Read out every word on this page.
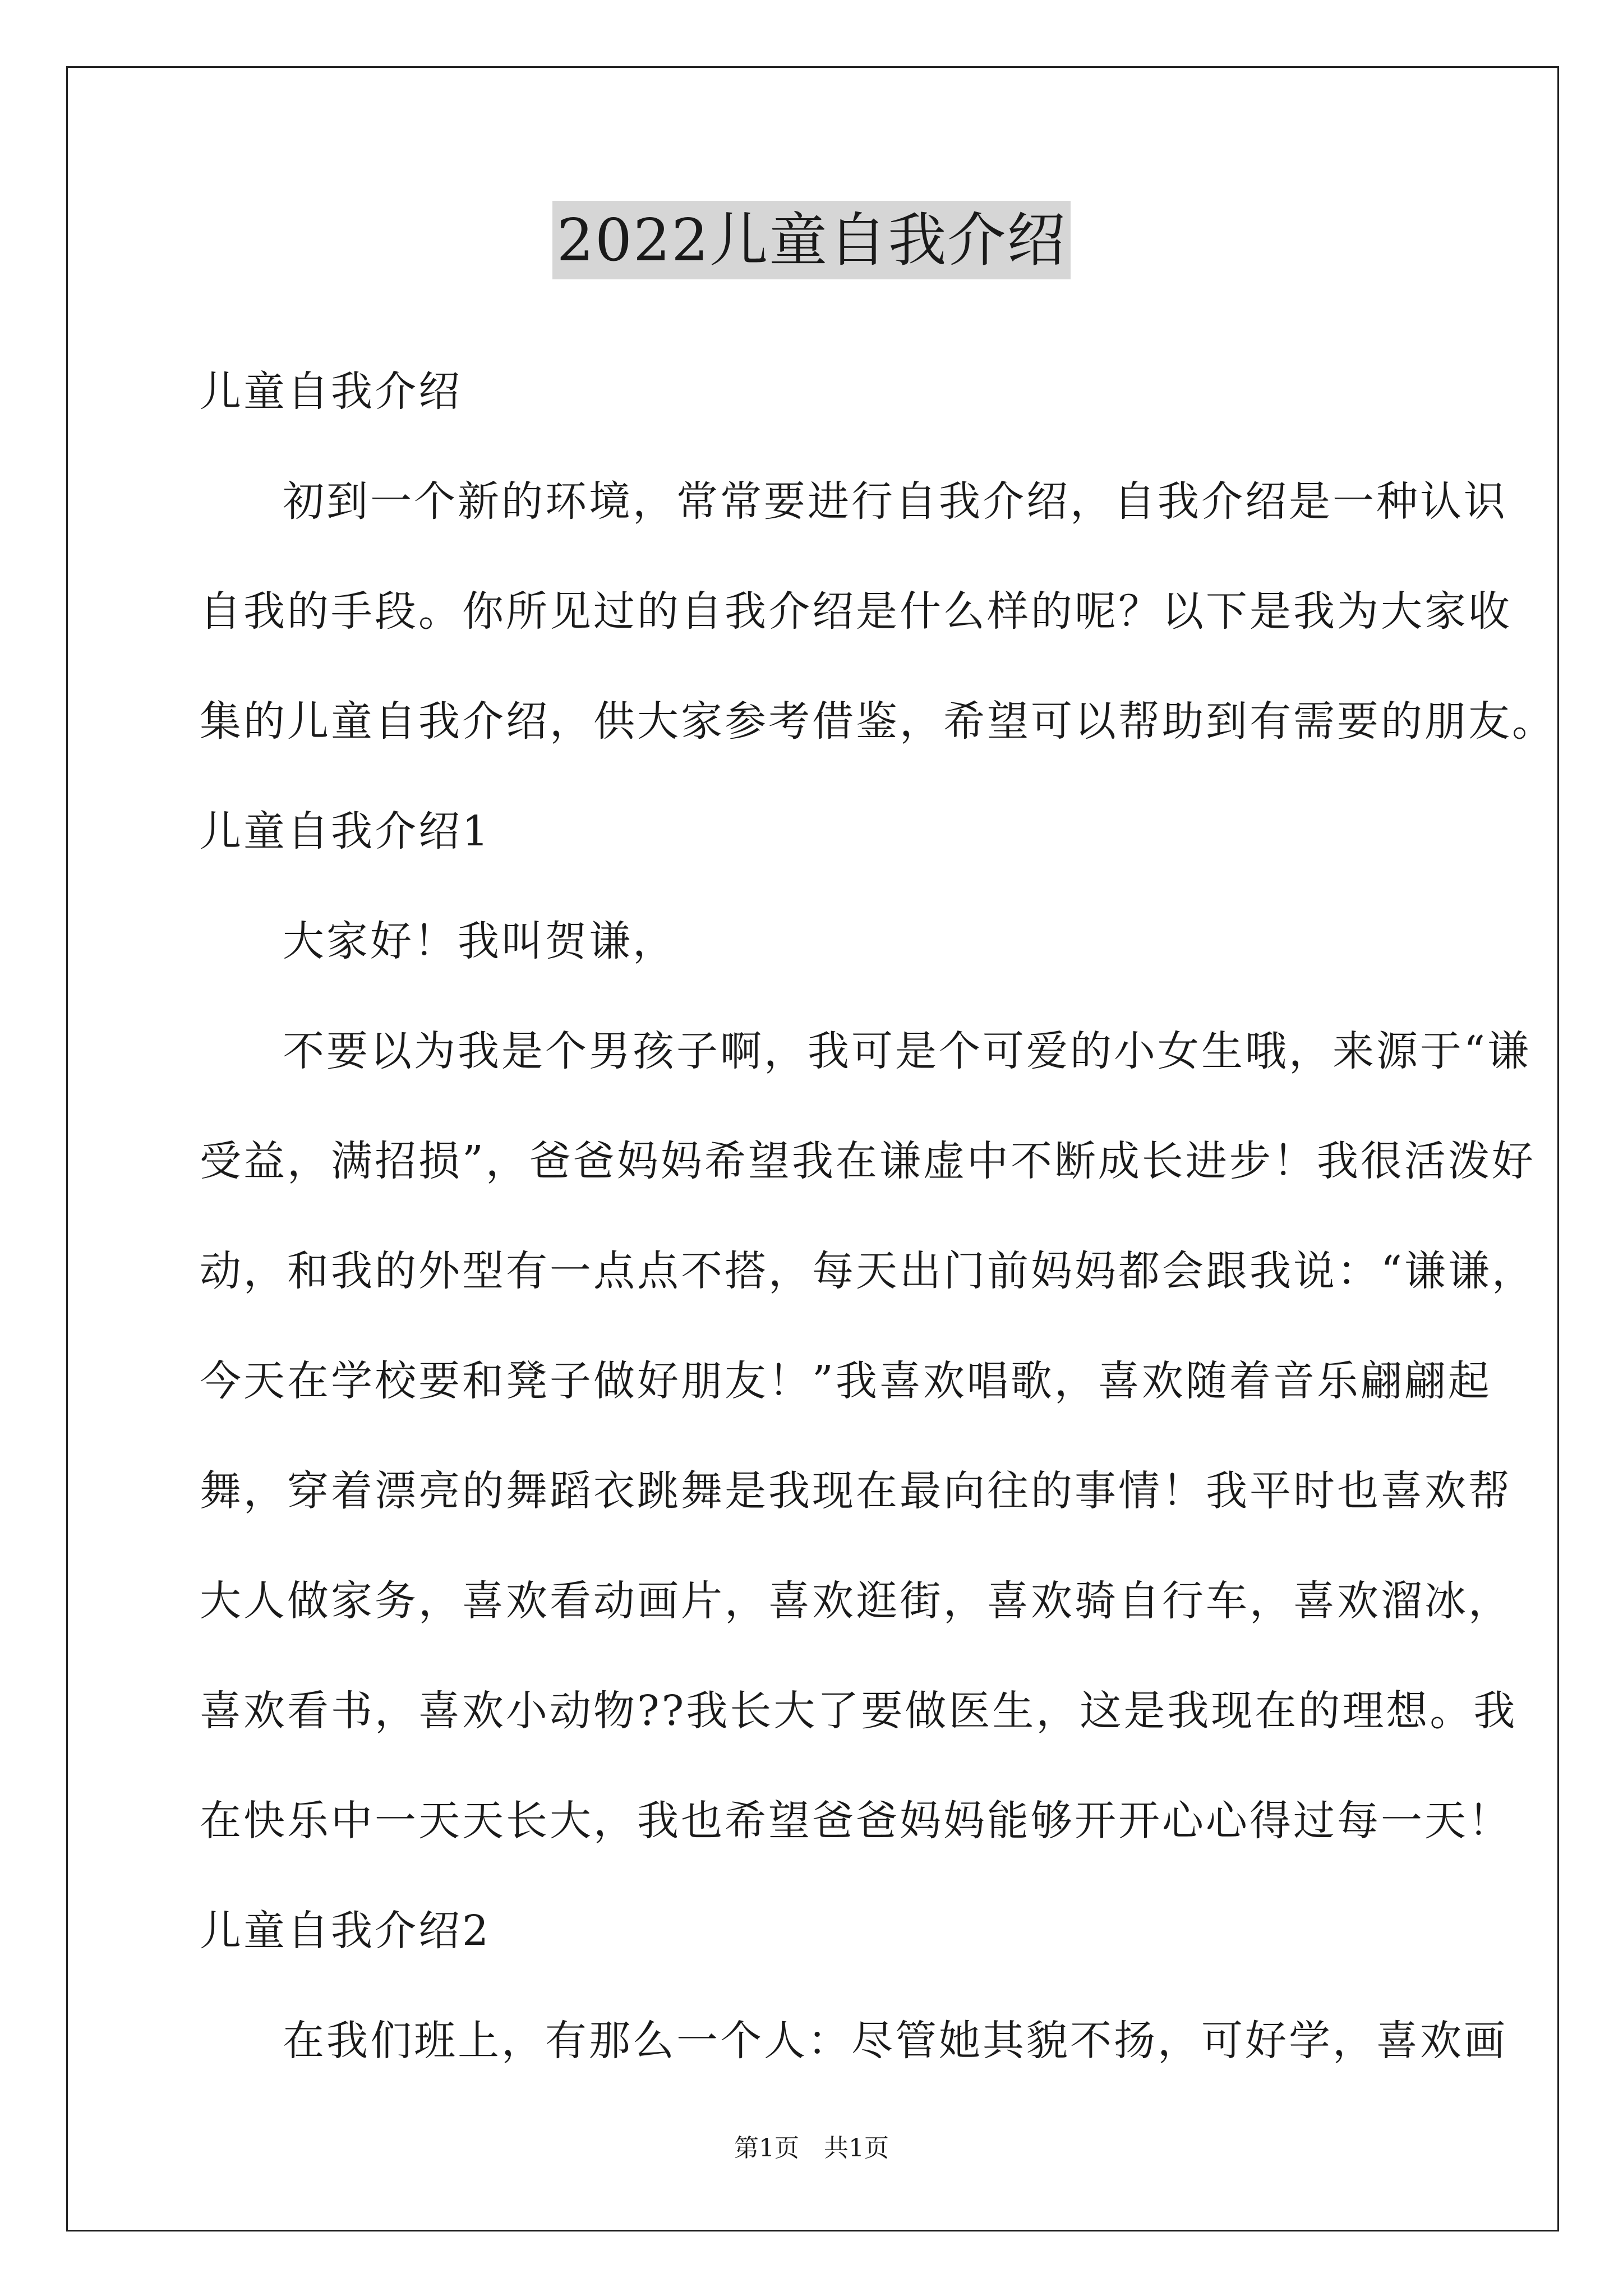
2022儿童自我介绍
儿童自我介绍
初到一个新的环境，常常要进行自我介绍，自我介绍是一种认识
自我的手段。你所见过的自我介绍是什么样的呢？以下是我为大家收
集的儿童自我介绍，供大家参考借鉴，希望可以帮助到有需要的朋友。
儿童自我介绍1
大家好！我叫贺谦，
不要以为我是个男孩子啊，我可是个可爱的小女生哦，来源于“谦
受益，满招损”，爸爸妈妈希望我在谦虚中不断成长进步！我很活泼好
动，和我的外型有一点点不搭，每天出门前妈妈都会跟我说：“谦谦，
今天在学校要和凳子做好朋友！”我喜欢唱歌，喜欢随着音乐翩翩起
舞，穿着漂亮的舞蹈衣跳舞是我现在最向往的事情！我平时也喜欢帮
大人做家务，喜欢看动画片，喜欢逛街，喜欢骑自行车，喜欢溜冰，
喜欢看书，喜欢小动物??我长大了要做医生，这是我现在的理想。我
在快乐中一天天长大，我也希望爸爸妈妈能够开开心心得过每一天！
儿童自我介绍2
在我们班上，有那么一个人：尽管她其貌不扬，可好学，喜欢画
第1页　共1页
